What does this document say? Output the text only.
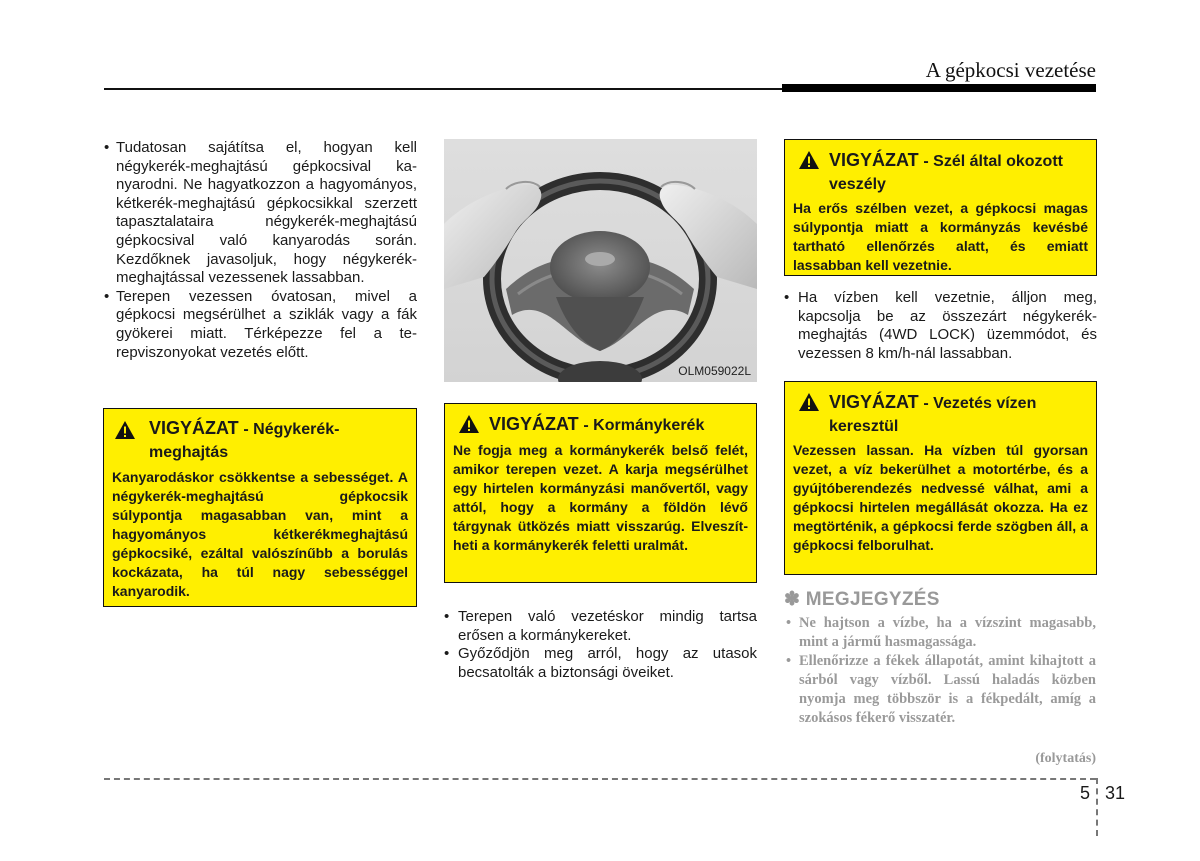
A gépkocsi vezetése
• Tudatosan sajátítsa el, hogyan kell négykerék-meghajtású gépkocsival kanyarodni. Ne hagyatkozzon a hagyományos, kétkerék-meghajtású gépkocsikkal szerzett tapasztalataira négykerék-meghajtású gépkocsival való kanyarodás során. Kezdőknek javasoljuk, hogy négykerék-meghajtással vezessenek lassabban.
• Terepen vezessen óvatosan, mivel a gépkocsi megsérülhet a sziklák vagy a fák gyökerei miatt. Térképezze fel a terepviszonyokat vezetés előtt.
VIGYÁZAT - Négykerék-meghajtás
Kanyarodáskor csökkentse a sebességet. A négykerék-meghajtású gépkocsik súlypontja magasabban van, mint a hagyományos kétkerékmeghajtású gépkocsiké, ezáltal valószínűbb a borulás kockázata, ha túl nagy sebességgel kanyarodik.
OLM059022L
VIGYÁZAT - Kormánykerék
Ne fogja meg a kormánykerék belső felét, amikor terepen vezet. A karja megsérülhet egy hirtelen kormányzási manővertől, vagy attól, hogy a kormány a földön lévő tárgynak ütközés miatt visszarúg. Elveszítheti a kormánykerék feletti uralmát.
• Terepen való vezetéskor mindig tartsa erősen a kormánykereket.
• Győződjön meg arról, hogy az utasok becsatolták a biztonsági öveiket.
VIGYÁZAT - Szél által okozott veszély
Ha erős szélben vezet, a gépkocsi magas súlypontja miatt a kormányzás kevésbé tartható ellenőrzés alatt, és emiatt lassabban kell vezetnie.
• Ha vízben kell vezetnie, álljon meg, kapcsolja be az összezárt négykerékmeghajtás (4WD LOCK) üzemmódot, és vezessen 8 km/h-nál lassabban.
VIGYÁZAT - Vezetés vízen keresztül
Vezessen lassan. Ha vízben túl gyorsan vezet, a víz bekerülhet a motortérbe, és a gyújtóberendezés nedvessé válhat, ami a gépkocsi hirtelen megállását okozza. Ha ez megtörténik, a gépkocsi ferde szögben áll, a gépkocsi felborulhat.
✽ MEGJEGYZÉS
• Ne hajtson a vízbe, ha a vízszint magasabb, mint a jármű hasmagassága.
• Ellenőrizze a fékek állapotát, amint kihajtott a sárból vagy vízből. Lassú haladás közben nyomja meg többször is a fékpedált, amíg a szokásos fékerő visszatér.
(folytatás)
5 31
